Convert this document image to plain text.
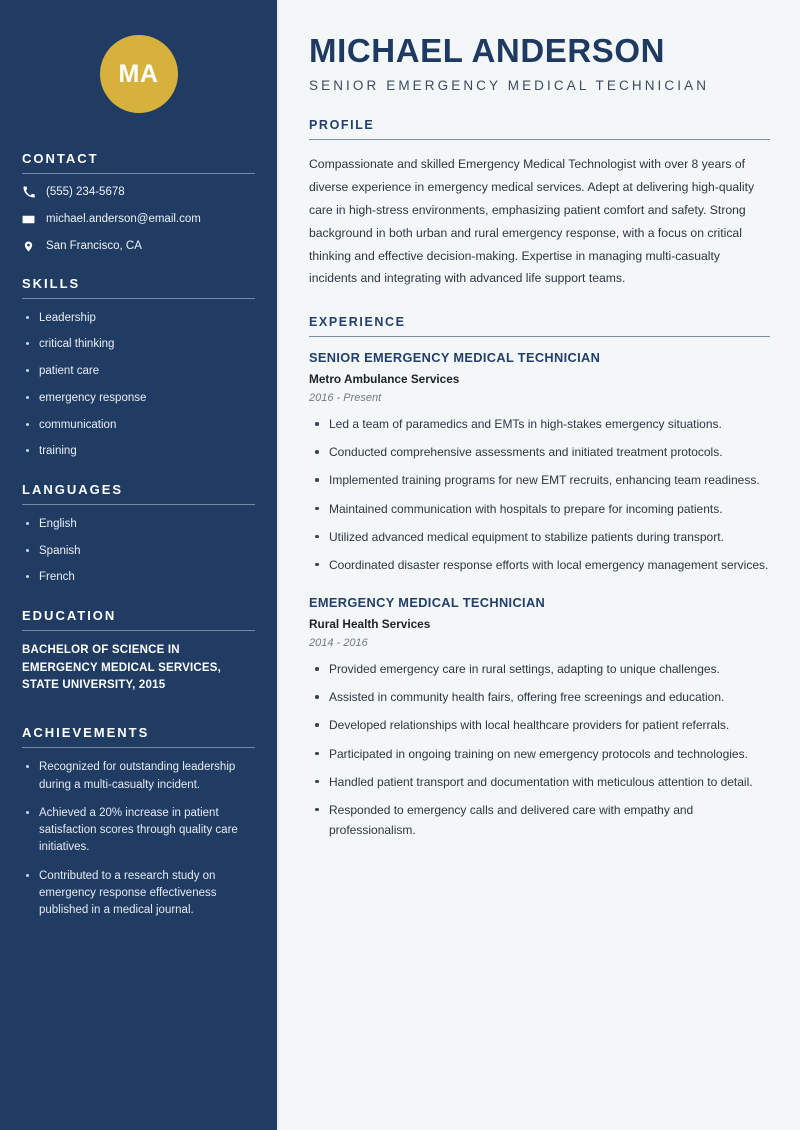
MA
CONTACT
(555) 234-5678
michael.anderson@email.com
San Francisco, CA
SKILLS
Leadership
critical thinking
patient care
emergency response
communication
training
LANGUAGES
English
Spanish
French
EDUCATION
BACHELOR OF SCIENCE IN EMERGENCY MEDICAL SERVICES, STATE UNIVERSITY, 2015
ACHIEVEMENTS
Recognized for outstanding leadership during a multi-casualty incident.
Achieved a 20% increase in patient satisfaction scores through quality care initiatives.
Contributed to a research study on emergency response effectiveness published in a medical journal.
MICHAEL ANDERSON
SENIOR EMERGENCY MEDICAL TECHNICIAN
PROFILE

Compassionate and skilled Emergency Medical Technologist with over 8 years of diverse experience in emergency medical services. Adept at delivering high-quality care in high-stress environments, emphasizing patient comfort and safety. Strong background in both urban and rural emergency response, with a focus on critical thinking and effective decision-making. Expertise in managing multi-casualty incidents and integrating with advanced life support teams.

EXPERIENCE
SENIOR EMERGENCY MEDICAL TECHNICIAN
Metro Ambulance Services
2016 - Present
Led a team of paramedics and EMTs in high-stakes emergency situations.
Conducted comprehensive assessments and initiated treatment protocols.
Implemented training programs for new EMT recruits, enhancing team readiness.
Maintained communication with hospitals to prepare for incoming patients.
Utilized advanced medical equipment to stabilize patients during transport.
Coordinated disaster response efforts with local emergency management services.
EMERGENCY MEDICAL TECHNICIAN
Rural Health Services
2014 - 2016
Provided emergency care in rural settings, adapting to unique challenges.
Assisted in community health fairs, offering free screenings and education.
Developed relationships with local healthcare providers for patient referrals.
Participated in ongoing training on new emergency protocols and technologies.
Handled patient transport and documentation with meticulous attention to detail.
Responded to emergency calls and delivered care with empathy and professionalism.
